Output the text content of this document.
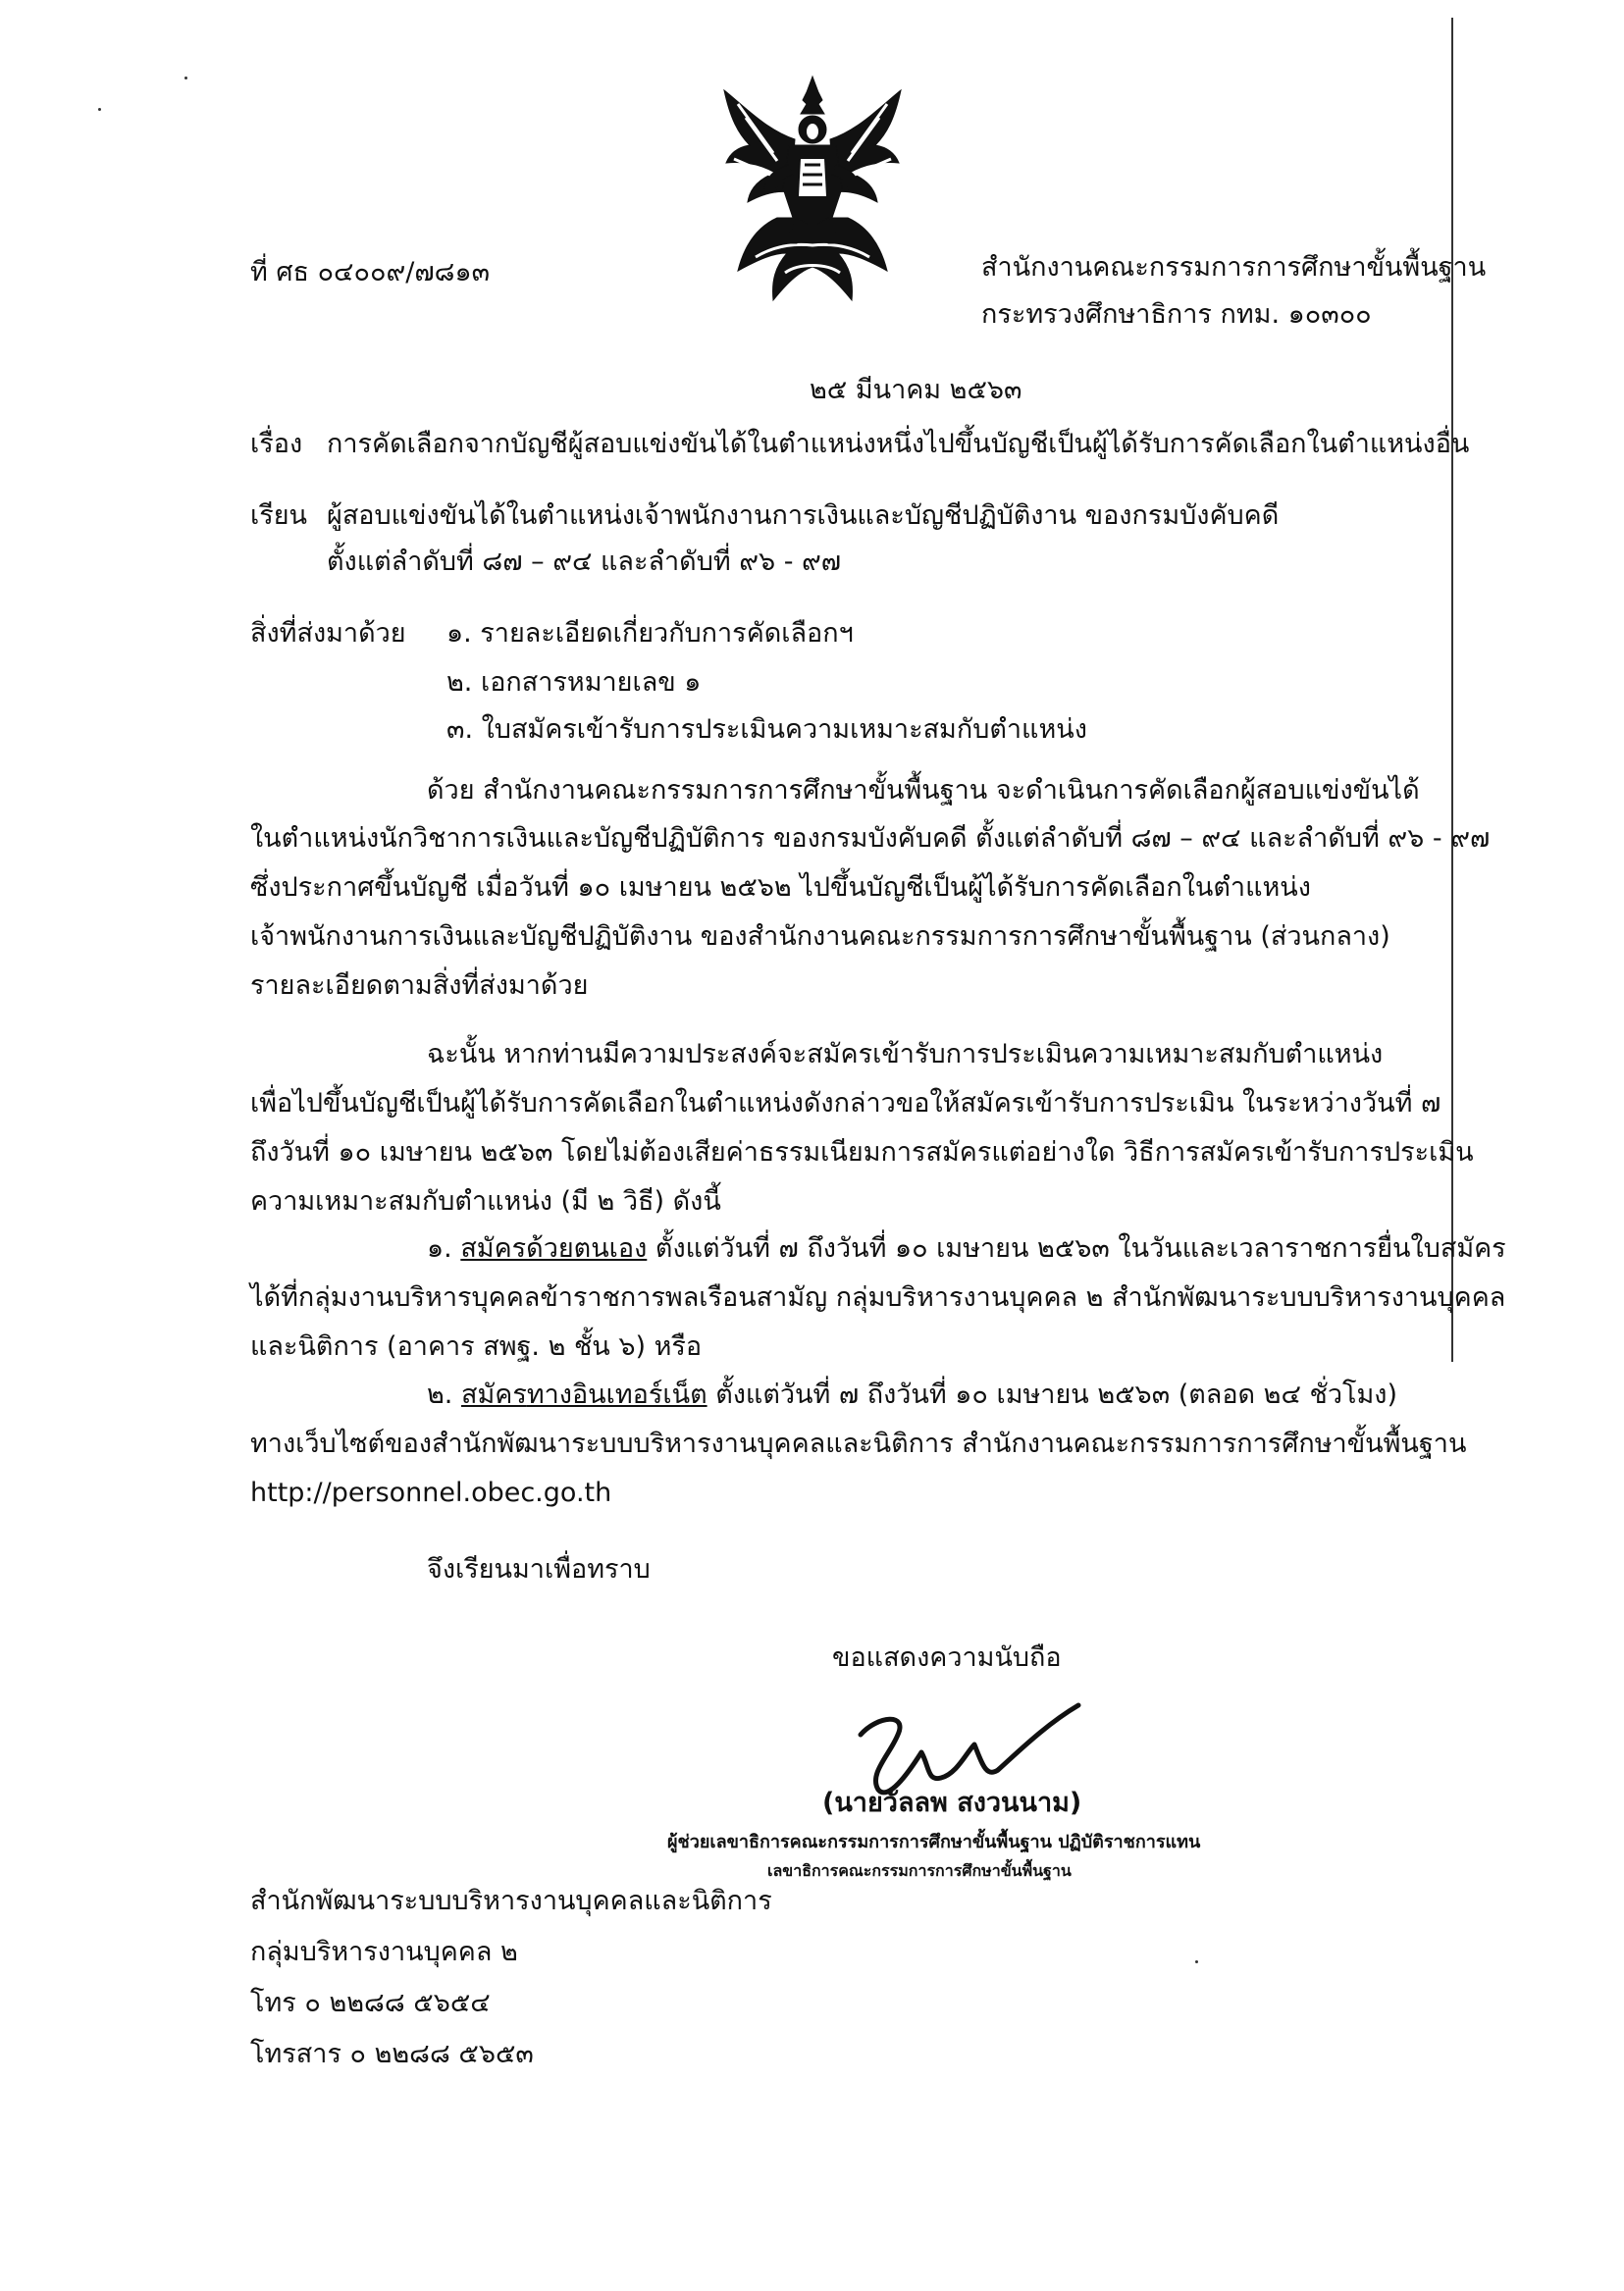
ที่ ศธ ๐๔๐๐๙/๗๘๑๓	สำนักงานคณะกรรมการการศึกษาขั้นพื้นฐาน
กระทรวงศึกษาธิการ กทม. ๑๐๓๐๐
๒๕ มีนาคม ๒๕๖๓
เรื่อง การคัดเลือกจากบัญชีผู้สอบแข่งขันได้ในตำแหน่งหนึ่งไปขึ้นบัญชีเป็นผู้ได้รับการคัดเลือกในตำแหน่งอื่น
เรียน ผู้สอบแข่งขันได้ในตำแหน่งเจ้าพนักงานการเงินและบัญชีปฏิบัติงาน ของกรมบังคับคดี
ตั้งแต่ลำดับที่ ๘๗ – ๙๔ และลำดับที่ ๙๖ - ๙๗
สิ่งที่ส่งมาด้วย ๑. รายละเอียดเกี่ยวกับการคัดเลือกฯ
๒. เอกสารหมายเลข ๑
๓. ใบสมัครเข้ารับการประเมินความเหมาะสมกับตำแหน่ง
ด้วย สำนักงานคณะกรรมการการศึกษาขั้นพื้นฐาน จะดำเนินการคัดเลือกผู้สอบแข่งขันได้
ในตำแหน่งนักวิชาการเงินและบัญชีปฏิบัติการ ของกรมบังคับคดี ตั้งแต่ลำดับที่ ๘๗ – ๙๔ และลำดับที่ ๙๖ - ๙๗
ซึ่งประกาศขึ้นบัญชี เมื่อวันที่ ๑๐ เมษายน ๒๕๖๒ ไปขึ้นบัญชีเป็นผู้ได้รับการคัดเลือกในตำแหน่ง
เจ้าพนักงานการเงินและบัญชีปฏิบัติงาน ของสำนักงานคณะกรรมการการศึกษาขั้นพื้นฐาน (ส่วนกลาง)
รายละเอียดตามสิ่งที่ส่งมาด้วย
ฉะนั้น หากท่านมีความประสงค์จะสมัครเข้ารับการประเมินความเหมาะสมกับตำแหน่ง
เพื่อไปขึ้นบัญชีเป็นผู้ได้รับการคัดเลือกในตำแหน่งดังกล่าวขอให้สมัครเข้ารับการประเมิน ในระหว่างวันที่ ๗
ถึงวันที่ ๑๐ เมษายน ๒๕๖๓ โดยไม่ต้องเสียค่าธรรมเนียมการสมัครแต่อย่างใด วิธีการสมัครเข้ารับการประเมิน
ความเหมาะสมกับตำแหน่ง (มี ๒ วิธี) ดังนี้
๑. สมัครด้วยตนเอง ตั้งแต่วันที่ ๗ ถึงวันที่ ๑๐ เมษายน ๒๕๖๓ ในวันและเวลาราชการยื่นใบสมัคร
ได้ที่กลุ่มงานบริหารบุคคลข้าราชการพลเรือนสามัญ กลุ่มบริหารงานบุคคล ๒ สำนักพัฒนาระบบบริหารงานบุคคล
และนิติการ (อาคาร สพฐ. ๒ ชั้น ๖) หรือ
๒. สมัครทางอินเทอร์เน็ต ตั้งแต่วันที่ ๗ ถึงวันที่ ๑๐ เมษายน ๒๕๖๓ (ตลอด ๒๔ ชั่วโมง)
ทางเว็บไซต์ของสำนักพัฒนาระบบบริหารงานบุคคลและนิติการ สำนักงานคณะกรรมการการศึกษาขั้นพื้นฐาน
http://personnel.obec.go.th
จึงเรียนมาเพื่อทราบ
ขอแสดงความนับถือ
(นายวัลลพ สงวนนาม)
ผู้ช่วยเลขาธิการคณะกรรมการการศึกษาขั้นพื้นฐาน ปฏิบัติราชการแทน
เลขาธิการคณะกรรมการการศึกษาขั้นพื้นฐาน
สำนักพัฒนาระบบบริหารงานบุคคลและนิติการ
กลุ่มบริหารงานบุคคล ๒
โทร ๐ ๒๒๘๘ ๕๖๕๔
โทรสาร ๐ ๒๒๘๘ ๕๖๕๓
